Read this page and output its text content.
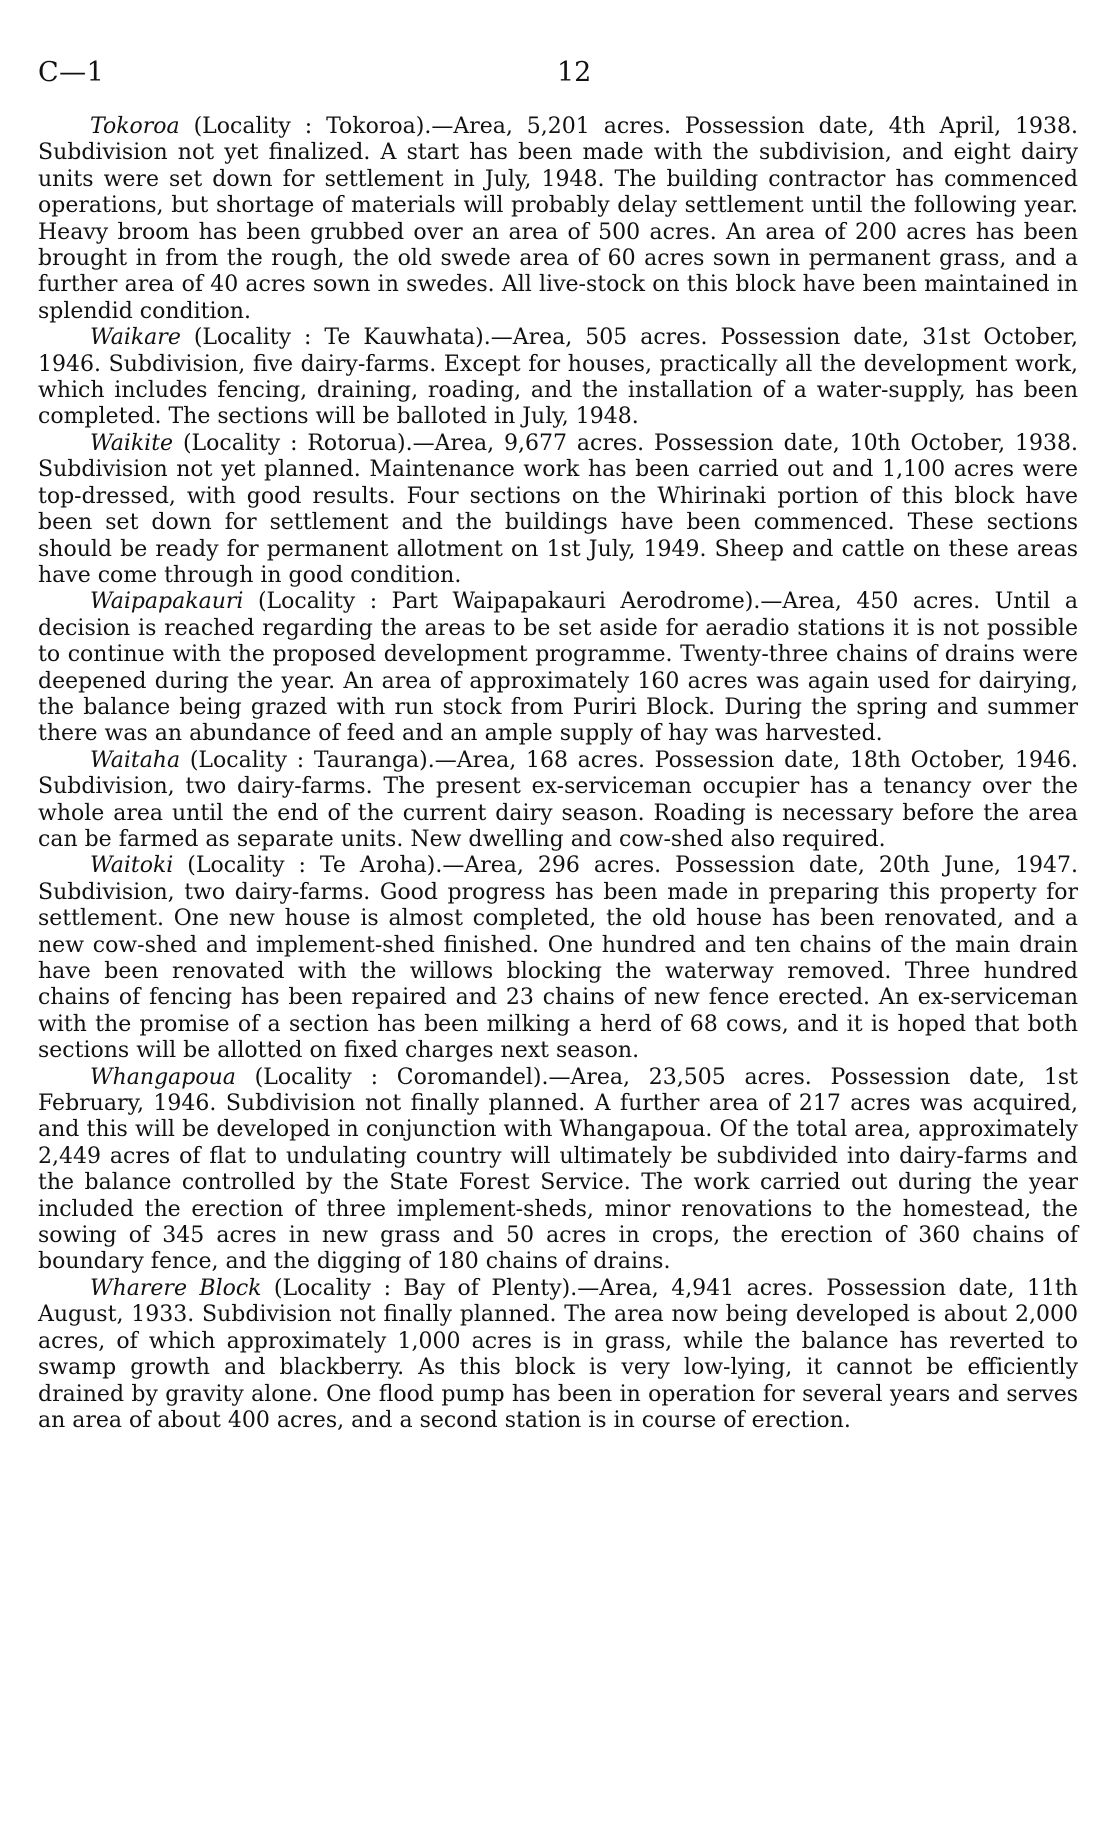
C—1	12

Tokoroa (Locality : Tokoroa).—Area, 5,201 acres. Possession date, 4th April, 1938. Subdivision not yet finalized. A start has been made with the subdivision, and eight dairy units were set down for settlement in July, 1948. The building contractor has commenced operations, but shortage of materials will probably delay settlement until the following year. Heavy broom has been grubbed over an area of 500 acres. An area of 200 acres has been brought in from the rough, the old swede area of 60 acres sown in permanent grass, and a further area of 40 acres sown in swedes. All live-stock on this block have been maintained in splendid condition.

Waikare (Locality : Te Kauwhata).—Area, 505 acres. Possession date, 31st October, 1946. Subdivision, five dairy-farms. Except for houses, practically all the development work, which includes fencing, draining, roading, and the installation of a water-supply, has been completed. The sections will be balloted in July, 1948.

Waikite (Locality : Rotorua).—Area, 9,677 acres. Possession date, 10th October, 1938. Subdivision not yet planned. Maintenance work has been carried out and 1,100 acres were top-dressed, with good results. Four sections on the Whirinaki portion of this block have been set down for settlement and the buildings have been commenced. These sections should be ready for permanent allotment on 1st July, 1949. Sheep and cattle on these areas have come through in good condition.

Waipapakauri (Locality : Part Waipapakauri Aerodrome).—Area, 450 acres. Until a decision is reached regarding the areas to be set aside for aeradio stations it is not possible to continue with the proposed development programme. Twenty-three chains of drains were deepened during the year. An area of approximately 160 acres was again used for dairying, the balance being grazed with run stock from Puriri Block. During the spring and summer there was an abundance of feed and an ample supply of hay was harvested.

Waitaha (Locality : Tauranga).—Area, 168 acres. Possession date, 18th October, 1946. Subdivision, two dairy-farms. The present ex-serviceman occupier has a tenancy over the whole area until the end of the current dairy season. Roading is necessary before the area can be farmed as separate units. New dwelling and cow-shed also required.

Waitoki (Locality : Te Aroha).—Area, 296 acres. Possession date, 20th June, 1947. Subdivision, two dairy-farms. Good progress has been made in preparing this property for settlement. One new house is almost completed, the old house has been renovated, and a new cow-shed and implement-shed finished. One hundred and ten chains of the main drain have been renovated with the willows blocking the waterway removed. Three hundred chains of fencing has been repaired and 23 chains of new fence erected. An ex-serviceman with the promise of a section has been milking a herd of 68 cows, and it is hoped that both sections will be allotted on fixed charges next season.

Whangapoua (Locality : Coromandel).—Area, 23,505 acres. Possession date, 1st February, 1946. Subdivision not finally planned. A further area of 217 acres was acquired, and this will be developed in conjunction with Whangapoua. Of the total area, approximately 2,449 acres of flat to undulating country will ultimately be subdivided into dairy-farms and the balance controlled by the State Forest Service. The work carried out during the year included the erection of three implement-sheds, minor renovations to the homestead, the sowing of 345 acres in new grass and 50 acres in crops, the erection of 360 chains of boundary fence, and the digging of 180 chains of drains.

Wharere Block (Locality : Bay of Plenty).—Area, 4,941 acres. Possession date, 11th August, 1933. Subdivision not finally planned. The area now being developed is about 2,000 acres, of which approximately 1,000 acres is in grass, while the balance has reverted to swamp growth and blackberry. As this block is very low-lying, it cannot be efficiently drained by gravity alone. One flood pump has been in operation for several years and serves an area of about 400 acres, and a second station is in course of erection.
